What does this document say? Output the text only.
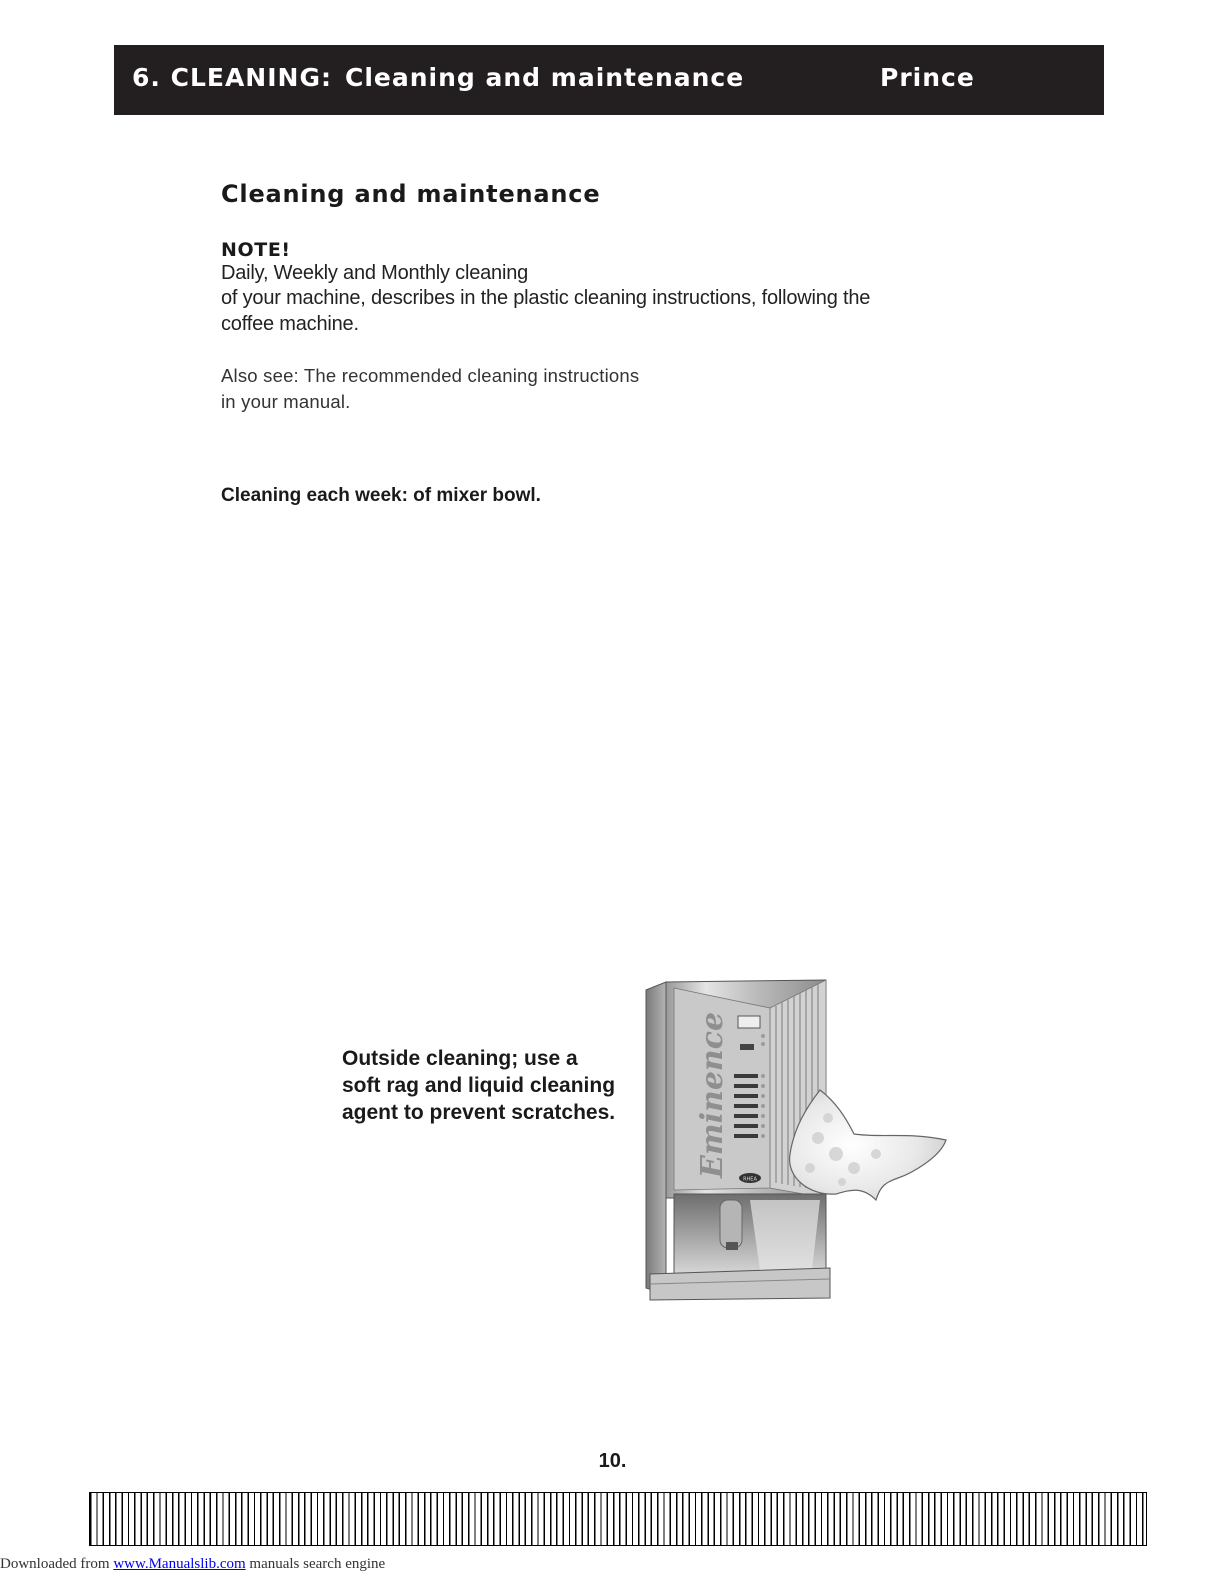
6. CLEANING: Cleaning and maintenance	Prince
Cleaning and maintenance
NOTE!
Daily, Weekly and Monthly cleaning
of your machine, describes in the plastic cleaning instructions, following the
coffee machine.
Also see: The recommended cleaning instructions
in your manual.
Cleaning each week: of mixer bowl.
Outside cleaning; use a
soft rag and liquid cleaning
agent to prevent scratches.	Eminence
RHEA
10.
Downloaded from www.Manualslib.com manuals search engine
